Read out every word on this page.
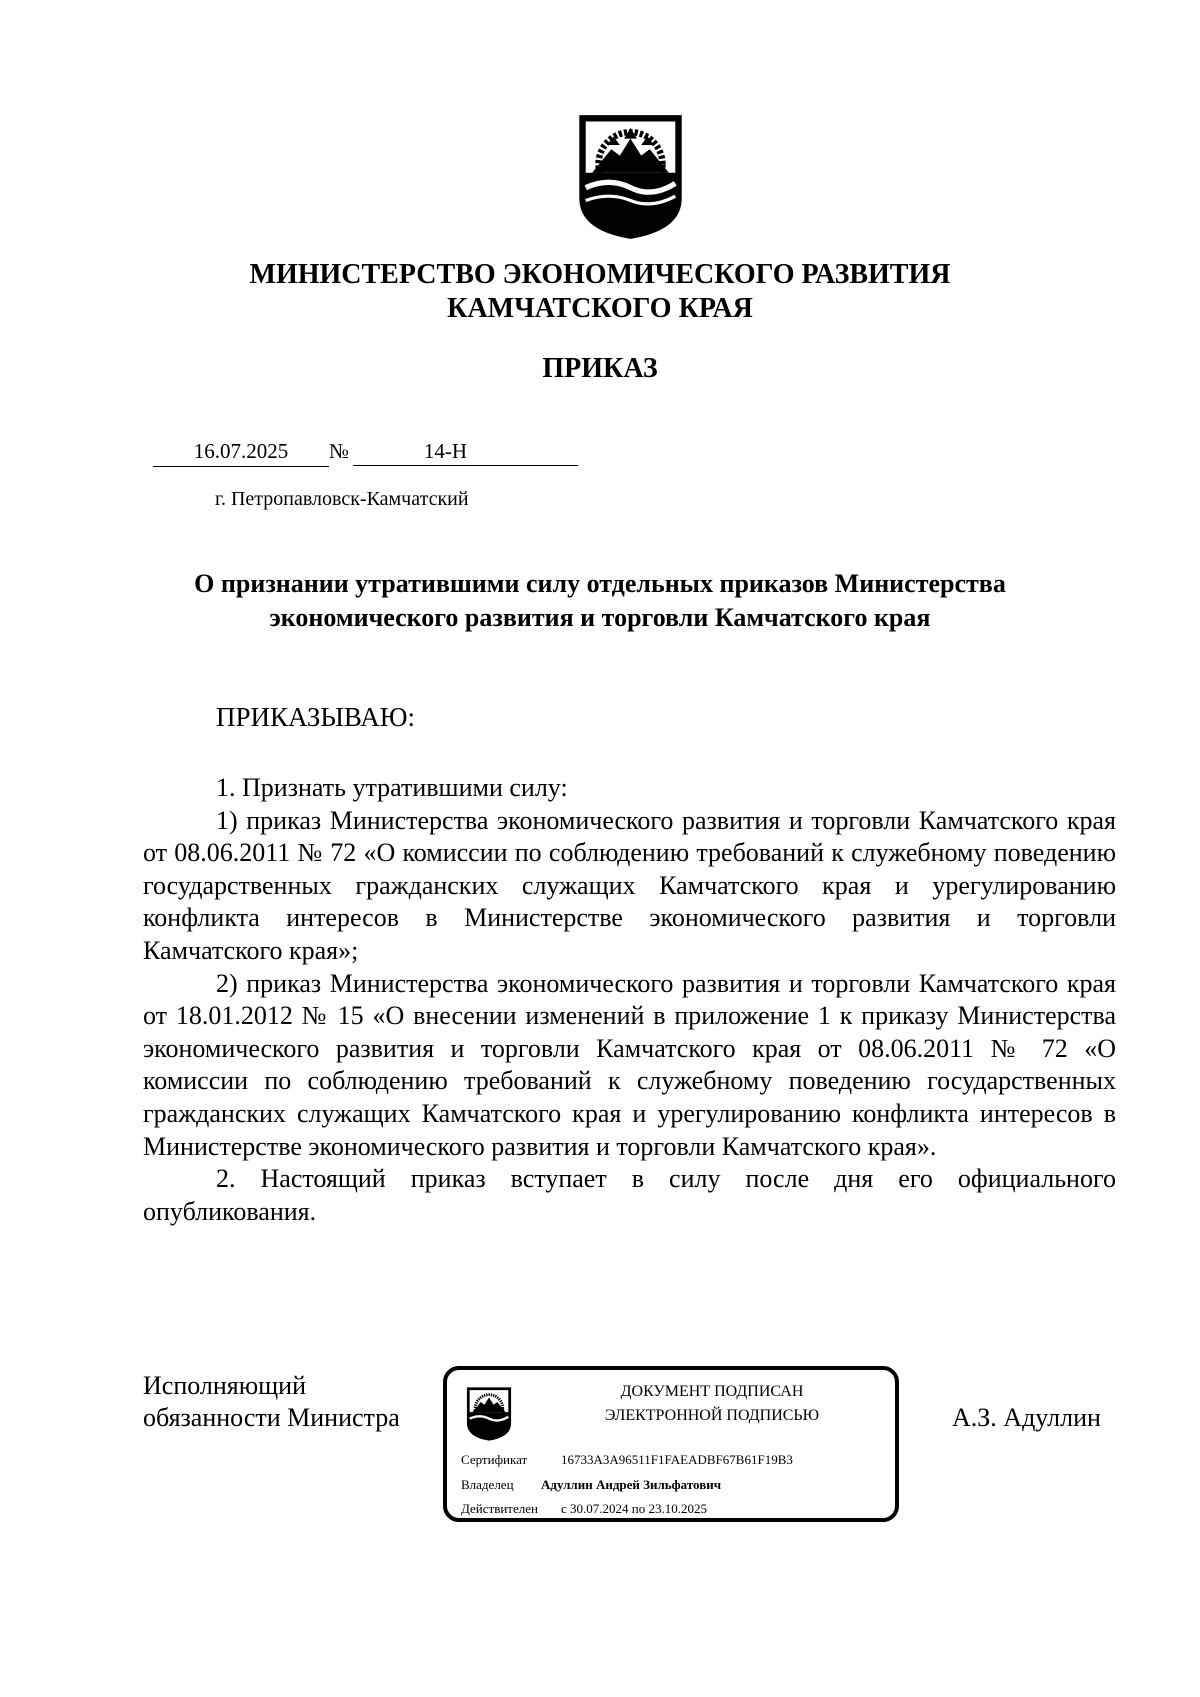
МИНИСТЕРСТВО ЭКОНОМИЧЕСКОГО РАЗВИТИЯ
КАМЧАТСКОГО КРАЯ
ПРИКАЗ
16.07.2025	№	14-Н
г. Петропавловск-Камчатский
О признании утратившими силу отдельных приказов Министерства
экономического развития и торговли Камчатского края
ПРИКАЗЫВАЮ:
1. Признать утратившими силу:
1) приказ Министерства экономического развития и торговли Камчатского края от 08.06.2011 № 72 «О комиссии по соблюдению требований к служебному поведению государственных гражданских служащих Камчатского края и урегулированию конфликта интересов в Министерстве экономического развития и торговли Камчатского края»;
2) приказ Министерства экономического развития и торговли Камчатского края от 18.01.2012 № 15 «О внесении изменений в приложение 1 к приказу Министерства экономического развития и торговли Камчатского края от 08.06.2011 № 72 «О комиссии по соблюдению требований к служебному поведению государственных гражданских служащих Камчатского края и урегулированию конфликта интересов в Министерстве экономического развития и торговли Камчатского края».
2. Настоящий приказ вступает в силу после дня его официального опубликования.
Исполняющий
обязанности Министра	А.З. Адуллин
ДОКУМЕНТ ПОДПИСАН
ЭЛЕКТРОННОЙ ПОДПИСЬЮ
Сертификат	16733A3A96511F1FAEADBF67B61F19B3
Владелец Адуллин Андрей Зильфатович
Действителен с 30.07.2024 по 23.10.2025
